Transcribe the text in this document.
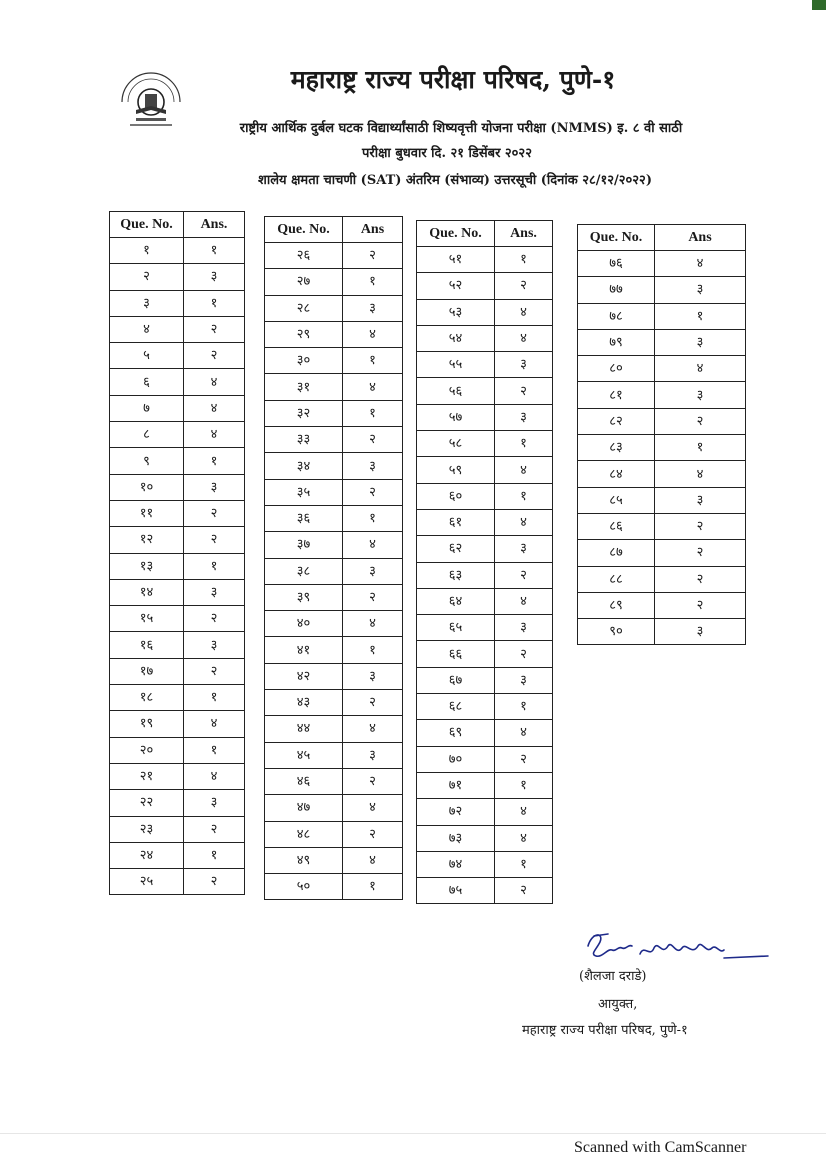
महाराष्ट्र राज्य परीक्षा परिषद, पुणे-१
राष्ट्रीय आर्थिक दुर्बल घटक विद्यार्थ्यांसाठी शिष्यवृत्ती योजना परीक्षा (NMMS) इ. ८ वी साठी
परीक्षा बुधवार दि. २१ डिसेंबर २०२२
शालेय क्षमता चाचणी (SAT) अंतरिम (संभाव्य) उत्तरसूची (दिनांक २८/१२/२०२२)
Que. No.	Ans.
१	१
२	३
३	१
४	२
५	२
६	४
७	४
८	४
९	१
१०	३
११	२
१२	२
१३	१
१४	३
१५	२
१६	३
१७	२
१८	१
१९	४
२०	१
२१	४
२२	३
२३	२
२४	१
२५	२
Que. No.	Ans
२६	२
२७	१
२८	३
२९	४
३०	१
३१	४
३२	१
३३	२
३४	३
३५	२
३६	१
३७	४
३८	३
३९	२
४०	४
४१	१
४२	३
४३	२
४४	४
४५	३
४६	२
४७	४
४८	२
४९	४
५०	१
Que. No.	Ans.
५१	१
५२	२
५३	४
५४	४
५५	३
५६	२
५७	३
५८	१
५९	४
६०	१
६१	४
६२	३
६३	२
६४	४
६५	३
६६	२
६७	३
६८	१
६९	४
७०	२
७१	१
७२	४
७३	४
७४	१
७५	२
Que. No.	Ans
७६	४
७७	३
७८	१
७९	३
८०	४
८१	३
८२	२
८३	१
८४	४
८५	३
८६	२
८७	२
८८	२
८९	२
९०	३
(शैलजा दराडे)
आयुक्त,
महाराष्ट्र राज्य परीक्षा परिषद, पुणे-१
Scanned with CamScanner
